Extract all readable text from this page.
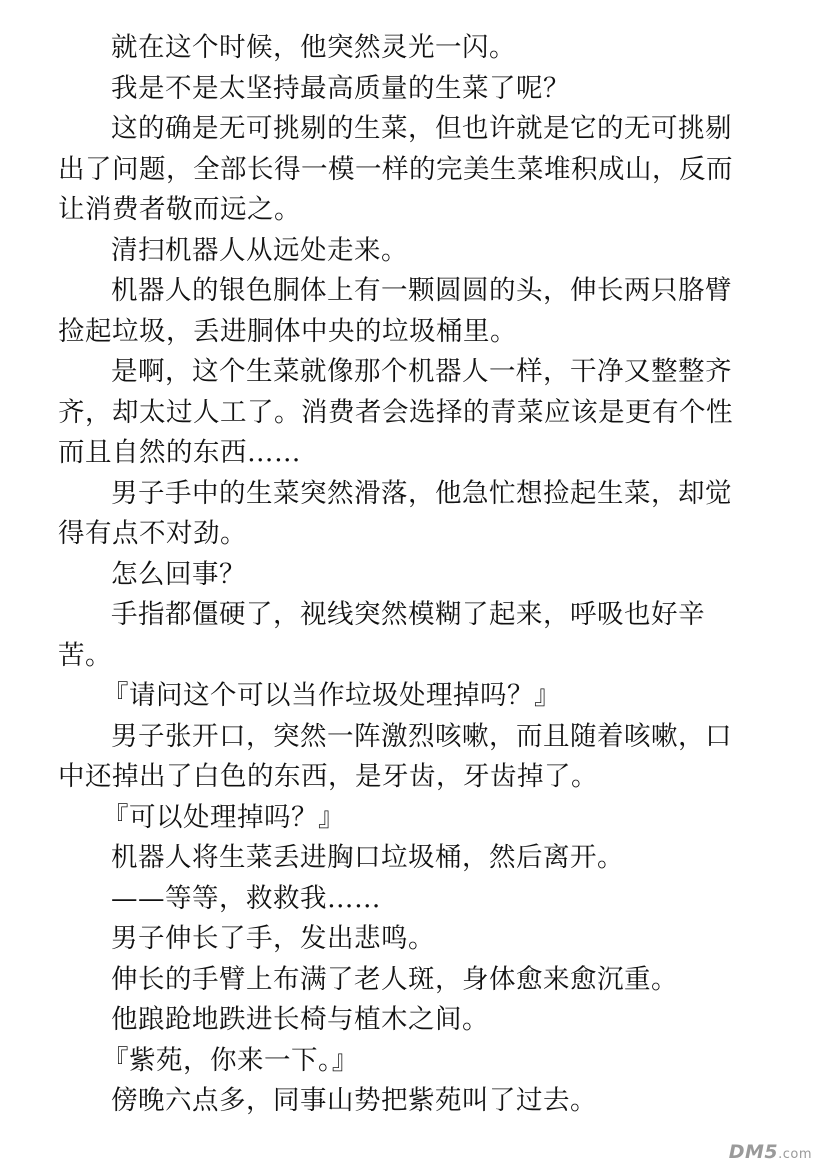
就在这个时候，他突然灵光一闪。

我是不是太坚持最高质量的生菜了呢？

这的确是无可挑剔的生菜，但也许就是它的无可挑剔出了问题，全部长得一模一样的完美生菜堆积成山，反而让消费者敬而远之。

清扫机器人从远处走来。

机器人的银色胴体上有一颗圆圆的头，伸长两只胳臂捡起垃圾，丢进胴体中央的垃圾桶里。

是啊，这个生菜就像那个机器人一样，干净又整整齐齐，却太过人工了。消费者会选择的青菜应该是更有个性而且自然的东西……

男子手中的生菜突然滑落，他急忙想捡起生菜，却觉得有点不对劲。

怎么回事？

手指都僵硬了，视线突然模糊了起来，呼吸也好辛苦。

『请问这个可以当作垃圾处理掉吗？』

男子张开口，突然一阵激烈咳嗽，而且随着咳嗽，口中还掉出了白色的东西，是牙齿，牙齿掉了。

『可以处理掉吗？』

机器人将生菜丢进胸口垃圾桶，然后离开。

——等等，救救我……

男子伸长了手，发出悲鸣。

伸长的手臂上布满了老人斑，身体愈来愈沉重。

他踉跄地跌进长椅与植木之间。

『紫苑，你来一下。』

傍晚六点多，同事山势把紫苑叫了过去。

DM5.com
